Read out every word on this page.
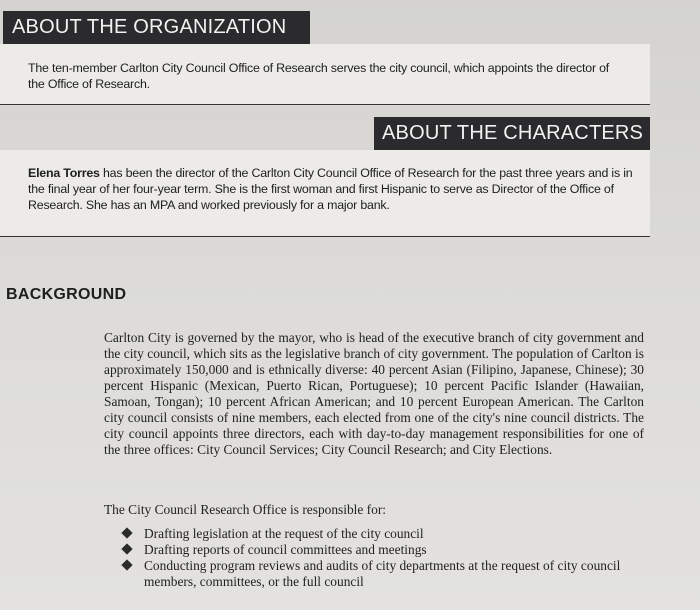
ABOUT THE ORGANIZATION
The ten-member Carlton City Council Office of Research serves the city council, which appoints the director of the Office of Research.
ABOUT THE CHARACTERS
Elena Torres has been the director of the Carlton City Council Office of Research for the past three years and is in the final year of her four-year term. She is the first woman and first Hispanic to serve as Director of the Office of Research. She has an MPA and worked previously for a major bank.
BACKGROUND
Carlton City is governed by the mayor, who is head of the executive branch of city government and the city council, which sits as the legislative branch of city government. The population of Carlton is approximately 150,000 and is ethnically diverse: 40 percent Asian (Filipino, Japanese, Chinese); 30 percent Hispanic (Mexican, Puerto Rican, Portuguese); 10 percent Pacific Islander (Hawaiian, Samoan, Tongan); 10 percent African American; and 10 percent European American. The Carlton city council consists of nine members, each elected from one of the city's nine council districts. The city council appoints three directors, each with day-to-day management responsibilities for one of the three offices: City Council Services; City Council Research; and City Elections.
The City Council Research Office is responsible for:
Drafting legislation at the request of the city council
Drafting reports of council committees and meetings
Conducting program reviews and audits of city departments at the request of city council members, committees, or the full council
